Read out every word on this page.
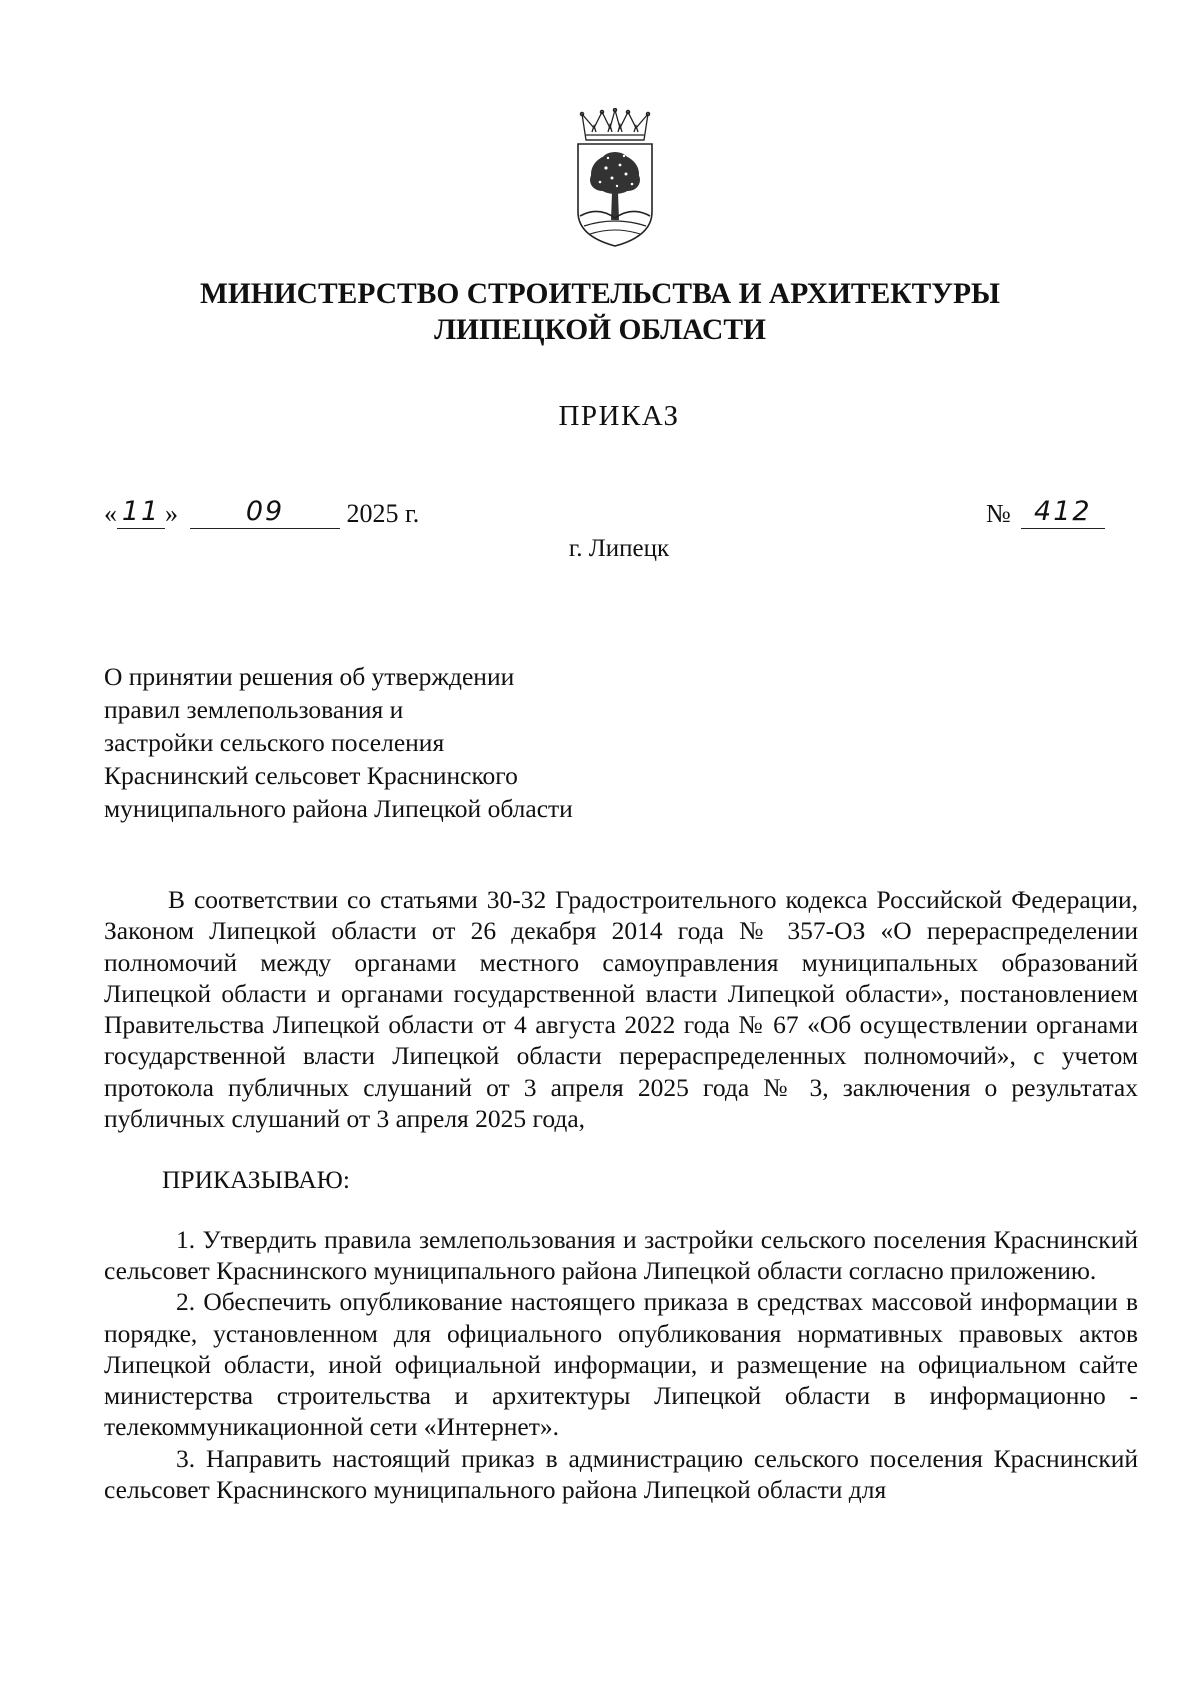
МИНИСТЕРСТВО СТРОИТЕЛЬСТВА И АРХИТЕКТУРЫ
ЛИПЕЦКОЙ ОБЛАСТИ
ПРИКАЗ
« 11 »	09	2025 г.	№ 412
г. Липецк
О принятии решения об утверждении
правил землепользования и
застройки сельского поселения
Краснинский сельсовет Краснинского
муниципального района Липецкой области

В соответствии со статьями 30-32 Градостроительного кодекса Российской Федерации, Законом Липецкой области от 26 декабря 2014 года № 357-ОЗ «О перераспределении полномочий между органами местного самоуправления муниципальных образований Липецкой области и органами государственной власти Липецкой области», постановлением Правительства Липецкой области от 4 августа 2022 года № 67 «Об осуществлении органами государственной власти Липецкой области перераспределенных полномочий», с учетом протокола публичных слушаний от 3 апреля 2025 года № 3, заключения о результатах публичных слушаний от 3 апреля 2025 года,

ПРИКАЗЫВАЮ:

1. Утвердить правила землепользования и застройки сельского поселения Краснинский сельсовет Краснинского муниципального района Липецкой области согласно приложению.

2. Обеспечить опубликование настоящего приказа в средствах массовой информации в порядке, установленном для официального опубликования нормативных правовых актов Липецкой области, иной официальной информации, и размещение на официальном сайте министерства строительства и архитектуры Липецкой области в информационно - телекоммуникационной сети «Интернет».

3. Направить настоящий приказ в администрацию сельского поселения Краснинский сельсовет Краснинского муниципального района Липецкой области для
